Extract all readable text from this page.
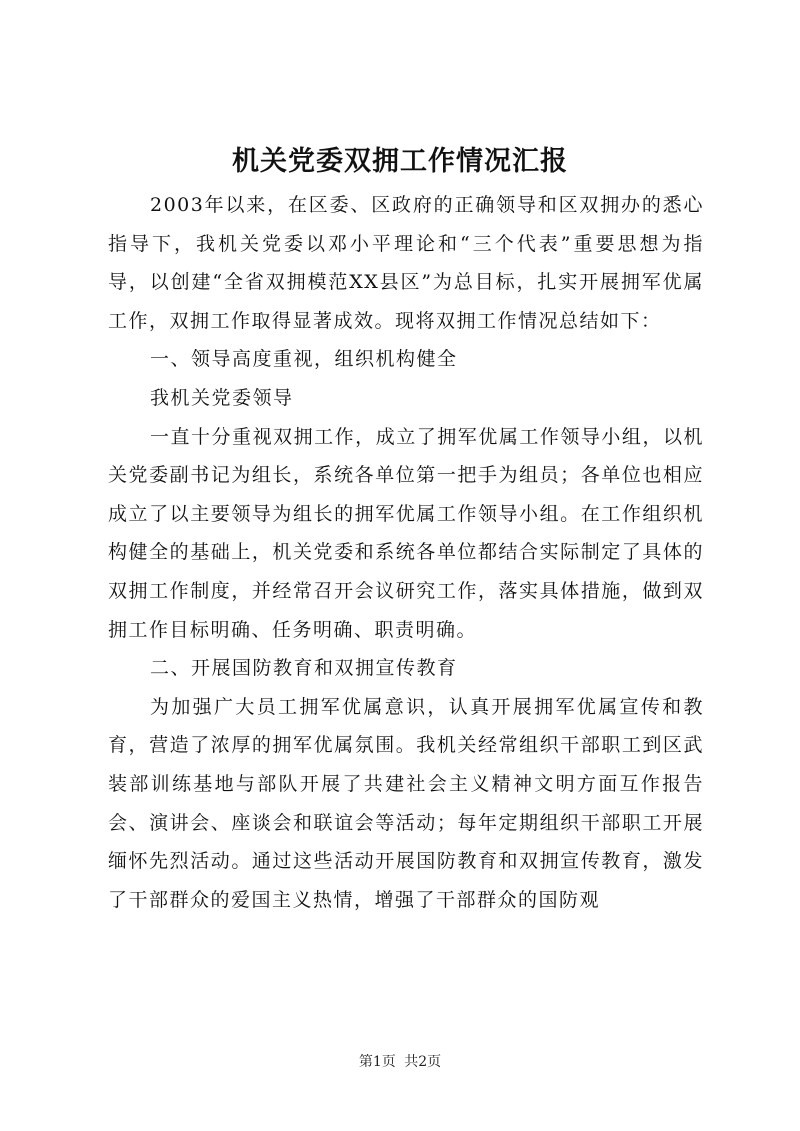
机关党委双拥工作情况汇报

2003年以来，在区委、区政府的正确领导和区双拥办的悉心指导下，我机关党委以邓小平理论和“三个代表”重要思想为指导，以创建“全省双拥模范XX县区”为总目标，扎实开展拥军优属工作，双拥工作取得显著成效。现将双拥工作情况总结如下：

一、领导高度重视，组织机构健全

我机关党委领导

一直十分重视双拥工作，成立了拥军优属工作领导小组，以机关党委副书记为组长，系统各单位第一把手为组员；各单位也相应成立了以主要领导为组长的拥军优属工作领导小组。在工作组织机构健全的基础上，机关党委和系统各单位都结合实际制定了具体的双拥工作制度，并经常召开会议研究工作，落实具体措施，做到双拥工作目标明确、任务明确、职责明确。

二、开展国防教育和双拥宣传教育

为加强广大员工拥军优属意识，认真开展拥军优属宣传和教育，营造了浓厚的拥军优属氛围。我机关经常组织干部职工到区武装部训练基地与部队开展了共建社会主义精神文明方面互作报告会、演讲会、座谈会和联谊会等活动；每年定期组织干部职工开展缅怀先烈活动。通过这些活动开展国防教育和双拥宣传教育，激发了干部群众的爱国主义热情，增强了干部群众的国防观

第1页 共2页
